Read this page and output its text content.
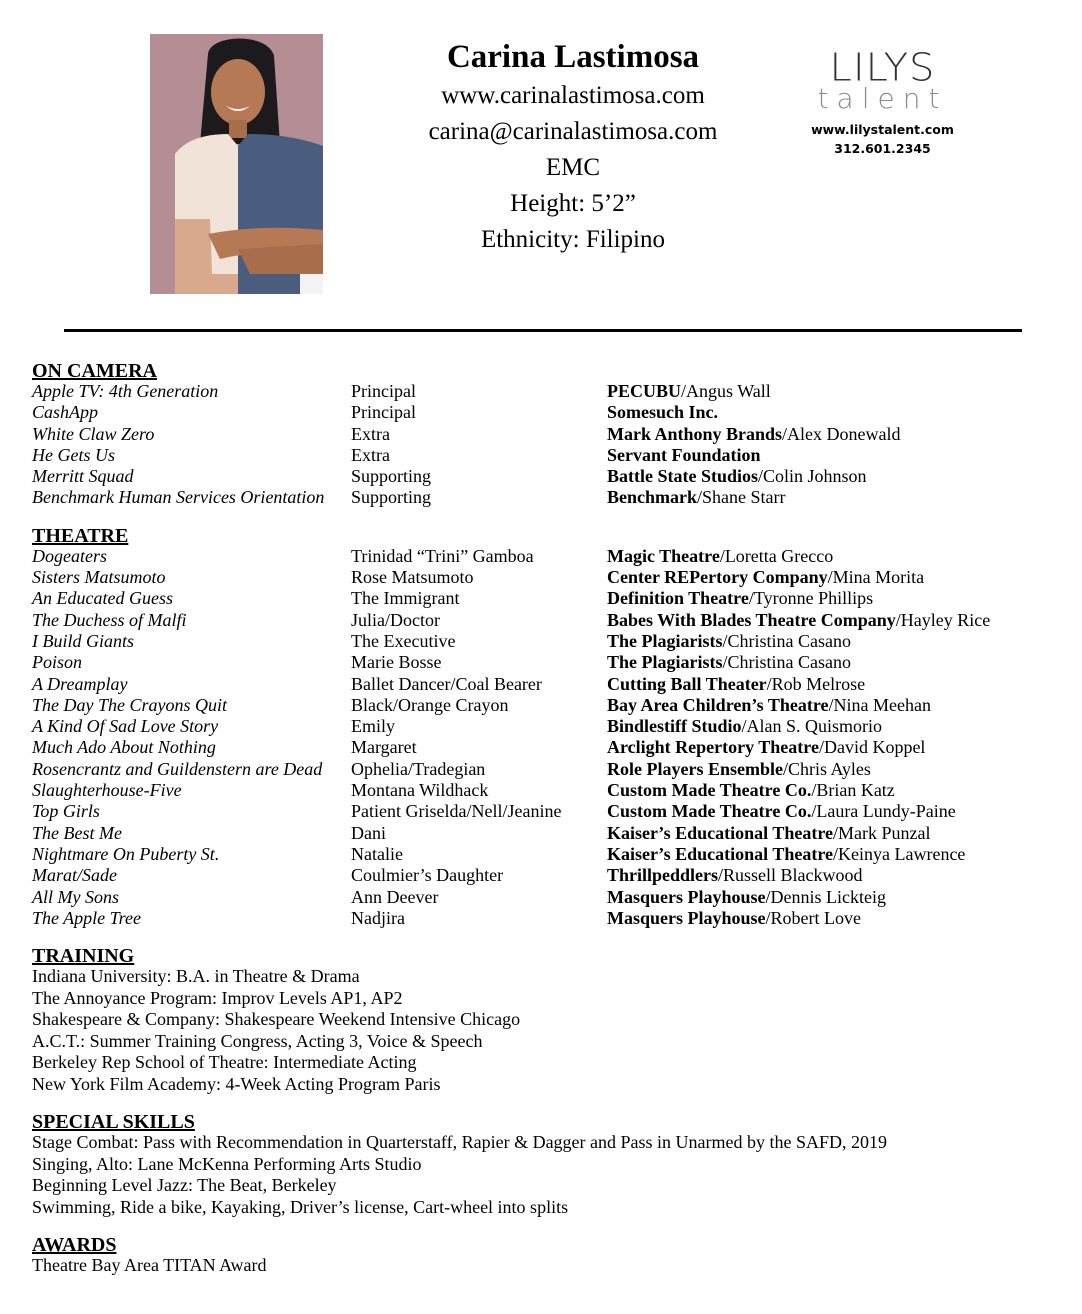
Carina Lastimosa
www.carinalastimosa.com
carina@carinalastimosa.com
EMC
Height: 5’2”
Ethnicity: Filipino
LILYS
talent
www.lilystalent.com
312.601.2345
ON CAMERA
Apple TV: 4th Generation	Principal	PECUBU/Angus Wall
CashApp	Principal	Somesuch Inc.
White Claw Zero	Extra	Mark Anthony Brands/Alex Donewald
He Gets Us	Extra	Servant Foundation
Merritt Squad	Supporting	Battle State Studios/Colin Johnson
Benchmark Human Services Orientation	Supporting	Benchmark/Shane Starr
THEATRE
Dogeaters	Trinidad “Trini” Gamboa	Magic Theatre/Loretta Grecco
Sisters Matsumoto	Rose Matsumoto	Center REPertory Company/Mina Morita
An Educated Guess	The Immigrant	Definition Theatre/Tyronne Phillips
The Duchess of Malfi	Julia/Doctor	Babes With Blades Theatre Company/Hayley Rice
I Build Giants	The Executive	The Plagiarists/Christina Casano
Poison	Marie Bosse	The Plagiarists/Christina Casano
A Dreamplay	Ballet Dancer/Coal Bearer	Cutting Ball Theater/Rob Melrose
The Day The Crayons Quit	Black/Orange Crayon	Bay Area Children’s Theatre/Nina Meehan
A Kind Of Sad Love Story	Emily	Bindlestiff Studio/Alan S. Quismorio
Much Ado About Nothing	Margaret	Arclight Repertory Theatre/David Koppel
Rosencrantz and Guildenstern are Dead	Ophelia/Tradegian	Role Players Ensemble/Chris Ayles
Slaughterhouse-Five	Montana Wildhack	Custom Made Theatre Co./Brian Katz
Top Girls	Patient Griselda/Nell/Jeanine	Custom Made Theatre Co./Laura Lundy-Paine
The Best Me	Dani	Kaiser’s Educational Theatre/Mark Punzal
Nightmare On Puberty St.	Natalie	Kaiser’s Educational Theatre/Keinya Lawrence
Marat/Sade	Coulmier’s Daughter	Thrillpeddlers/Russell Blackwood
All My Sons	Ann Deever	Masquers Playhouse/Dennis Lickteig
The Apple Tree	Nadjira	Masquers Playhouse/Robert Love
TRAINING
Indiana University: B.A. in Theatre & Drama
The Annoyance Program: Improv Levels AP1, AP2
Shakespeare & Company: Shakespeare Weekend Intensive Chicago
A.C.T.: Summer Training Congress, Acting 3, Voice & Speech
Berkeley Rep School of Theatre: Intermediate Acting
New York Film Academy: 4-Week Acting Program Paris
SPECIAL SKILLS
Stage Combat: Pass with Recommendation in Quarterstaff, Rapier & Dagger and Pass in Unarmed by the SAFD, 2019
Singing, Alto: Lane McKenna Performing Arts Studio
Beginning Level Jazz: The Beat, Berkeley
Swimming, Ride a bike, Kayaking, Driver’s license, Cart-wheel into splits
AWARDS
Theatre Bay Area TITAN Award
